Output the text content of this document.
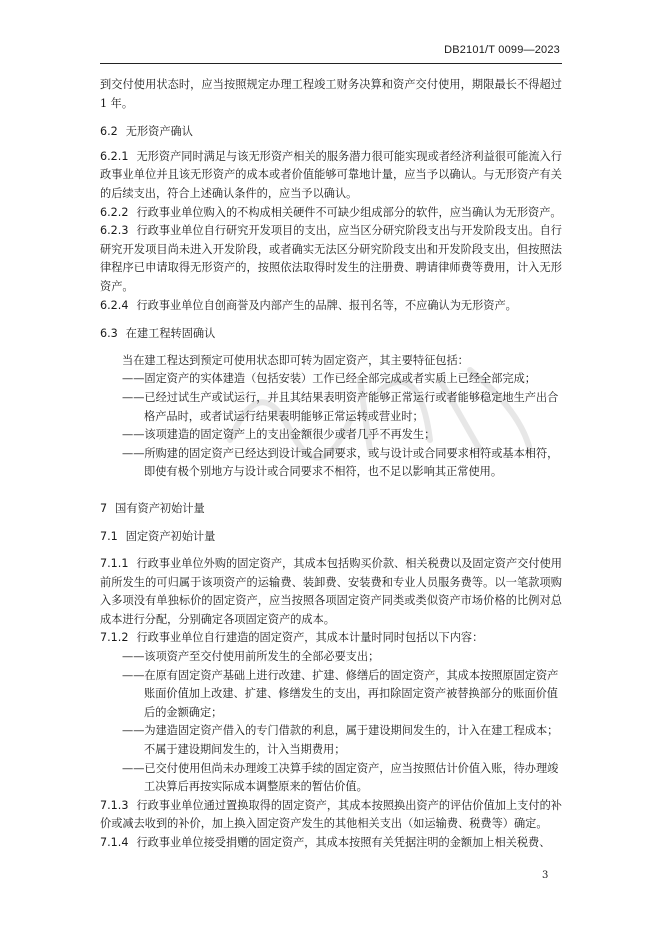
DB2101/T 0099—2023

到交付使用状态时，应当按照规定办理工程竣工财务决算和资产交付使用，期限最长不得超过 1 年。

6.2 无形资产确认

6.2.1 无形资产同时满足与该无形资产相关的服务潜力很可能实现或者经济利益很可能流入行政事业单位并且该无形资产的成本或者价值能够可靠地计量，应当予以确认。与无形资产有关的后续支出，符合上述确认条件的，应当予以确认。

6.2.2 行政事业单位购入的不构成相关硬件不可缺少组成部分的软件，应当确认为无形资产。

6.2.3 行政事业单位自行研究开发项目的支出，应当区分研究阶段支出与开发阶段支出。自行研究开发项目尚未进入开发阶段，或者确实无法区分研究阶段支出和开发阶段支出，但按照法律程序已申请取得无形资产的，按照依法取得时发生的注册费、聘请律师费等费用，计入无形资产。

6.2.4 行政事业单位自创商誉及内部产生的品牌、报刊名等，不应确认为无形资产。

6.3 在建工程转固确认

当在建工程达到预定可使用状态即可转为固定资产，其主要特征包括：

——固定资产的实体建造（包括安装）工作已经全部完成或者实质上已经全部完成；

——已经过试生产或试运行，并且其结果表明资产能够正常运行或者能够稳定地生产出合格产品时，或者试运行结果表明能够正常运转或营业时；

——该项建造的固定资产上的支出金额很少或者几乎不再发生；

——所购建的固定资产已经达到设计或合同要求，或与设计或合同要求相符或基本相符，即使有极个别地方与设计或合同要求不相符，也不足以影响其正常使用。

7 国有资产初始计量
7.1 固定资产初始计量

7.1.1 行政事业单位外购的固定资产，其成本包括购买价款、相关税费以及固定资产交付使用前所发生的可归属于该项资产的运输费、装卸费、安装费和专业人员服务费等。以一笔款项购入多项没有单独标价的固定资产，应当按照各项固定资产同类或类似资产市场价格的比例对总成本进行分配，分别确定各项固定资产的成本。

7.1.2 行政事业单位自行建造的固定资产，其成本计量时同时包括以下内容：

——该项资产至交付使用前所发生的全部必要支出；

——在原有固定资产基础上进行改建、扩建、修缮后的固定资产，其成本按照原固定资产账面价值加上改建、扩建、修缮发生的支出，再扣除固定资产被替换部分的账面价值后的金额确定；

——为建造固定资产借入的专门借款的利息，属于建设期间发生的，计入在建工程成本；不属于建设期间发生的，计入当期费用；

——已交付使用但尚未办理竣工决算手续的固定资产，应当按照估计价值入账，待办理竣工决算后再按实际成本调整原来的暂估价值。

7.1.3 行政事业单位通过置换取得的固定资产，其成本按照换出资产的评估价值加上支付的补价或减去收到的补价，加上换入固定资产发生的其他相关支出（如运输费、税费等）确定。

7.1.4 行政事业单位接受捐赠的固定资产，其成本按照有关凭据注明的金额加上相关税费、

3
